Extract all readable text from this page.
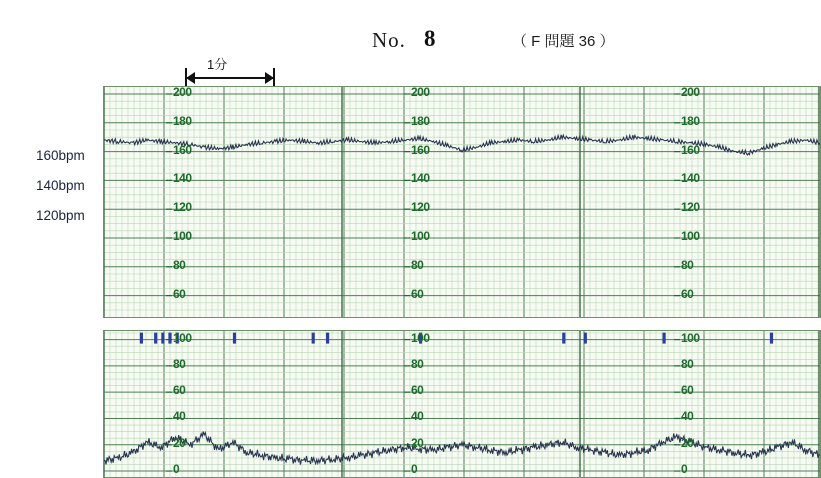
No. 8	（ F 問題 36 ）
1分
160bpm
140bpm
120bpm
200	200	200
180	180	180
160	160	160
140	140	140
120	120	120
100	100	100
80	80	80
60	60	60
100	100	100
80	80	80
60	60	60
40	40	40
20	20	20
0	0	0
